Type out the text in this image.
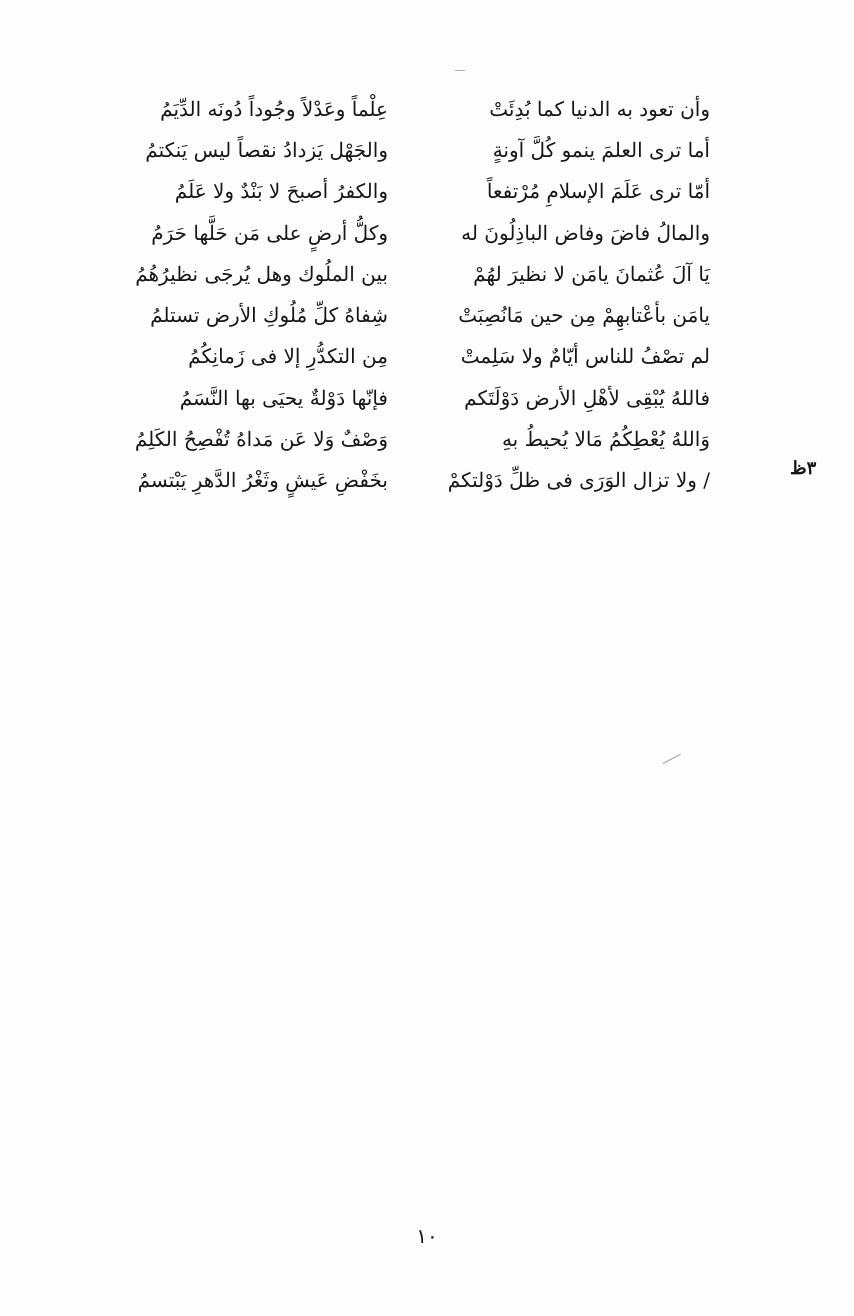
وأن تعود به الدنيا كما بُدِئَتْ
عِلْماً وعَدْلاً وجُوداً دُونَه الدِّيَمُ
أما ترى العلمَ ينمو كُلَّ آونةٍ
والجَهْل يَزدادُ نقصاً ليس يَنكتمُ
أمّا ترى عَلَمَ الإسلامِ مُرْتفعاً
والكفرُ أصبحَ لا بَنْدٌ ولا عَلَمُ
والمالُ فاضَ وفاض الباذِلُونَ له
وكلُّ أرضٍ على مَن حَلَّها حَرَمُ
يَا آلَ عُثمانَ يامَن لا نظيرَ لهُمْ
بين الملُوك وهل يُرجَى نظيرُهُمُ
يامَن بأعْتابهِمْ مِن حين مَانُصِبَتْ
شِفاهُ كلِّ مُلُوكِ الأرض تستلمُ
لم تصْفُ للناس أيّامٌ ولا سَلِمتْ
مِن التكدُّرِ إلا فى زَمانِكُمُ
فاللهُ يُبْقِى لأهْلِ الأرض دَوْلَتَكم
فإنّها دَوْلةٌ يحيَى بها النَّسَمُ
وَاللهُ يُعْطِكُمُ مَالا يُحيطُ بهِ
وَصْفٌ وَلا عَن مَداهُ تُفْصِحُ الكَلِمُ
/ ولا تزال الوَرَى فى ظلِّ دَوْلتكمْ
بخَفْضِ عَيشٍ وثَغْرُ الدَّهرِ يَبْتسمُ	٣ظ
١٠
